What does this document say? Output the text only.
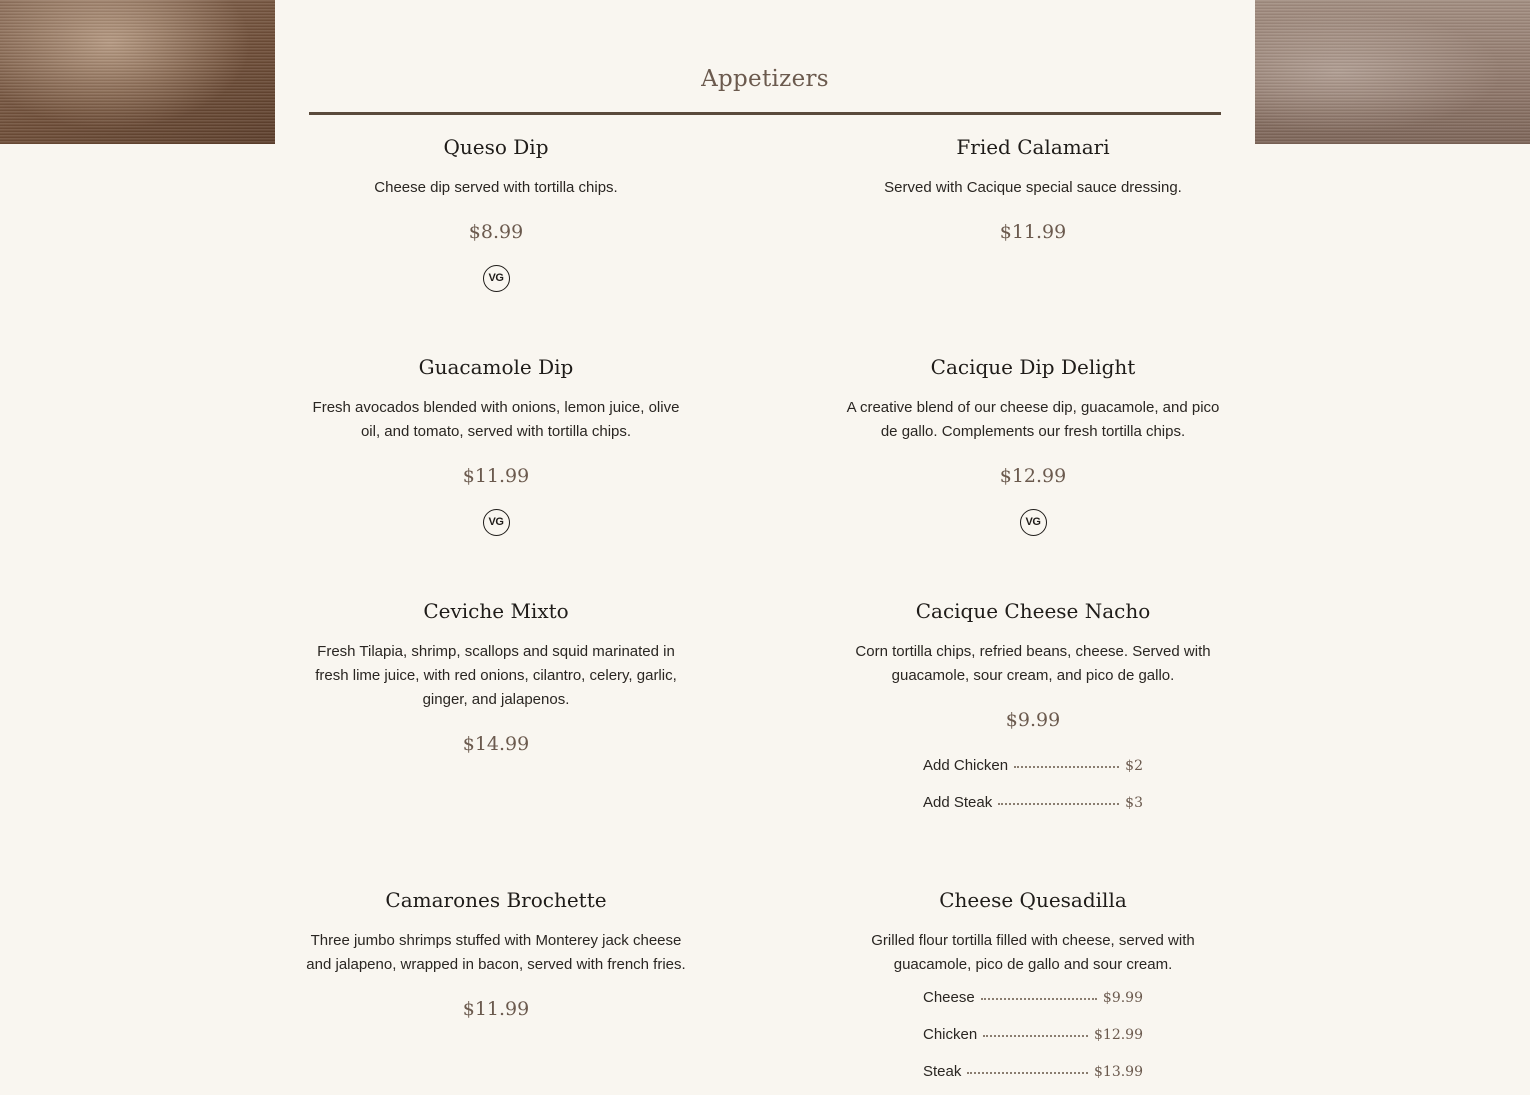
Appetizers
Queso Dip
Cheese dip served with tortilla chips.
$8.99
VG
Fried Calamari
Served with Cacique special sauce dressing.
$11.99
Guacamole Dip
Fresh avocados blended with onions, lemon juice, olive oil, and tomato, served with tortilla chips.
$11.99
VG
Cacique Dip Delight
A creative blend of our cheese dip, guacamole, and pico de gallo. Complements our fresh tortilla chips.
$12.99
VG
Ceviche Mixto
Fresh Tilapia, shrimp, scallops and squid marinated in fresh lime juice, with red onions, cilantro, celery, garlic, ginger, and jalapenos.
$14.99
Cacique Cheese Nacho
Corn tortilla chips, refried beans, cheese. Served with guacamole, sour cream, and pico de gallo.
$9.99
Add Chicken	$2
Add Steak	$3
Camarones Brochette
Three jumbo shrimps stuffed with Monterey jack cheese and jalapeno, wrapped in bacon, served with french fries.
$11.99
Cheese Quesadilla
Grilled flour tortilla filled with cheese, served with guacamole, pico de gallo and sour cream.
Cheese	$9.99
Chicken	$12.99
Steak	$13.99
